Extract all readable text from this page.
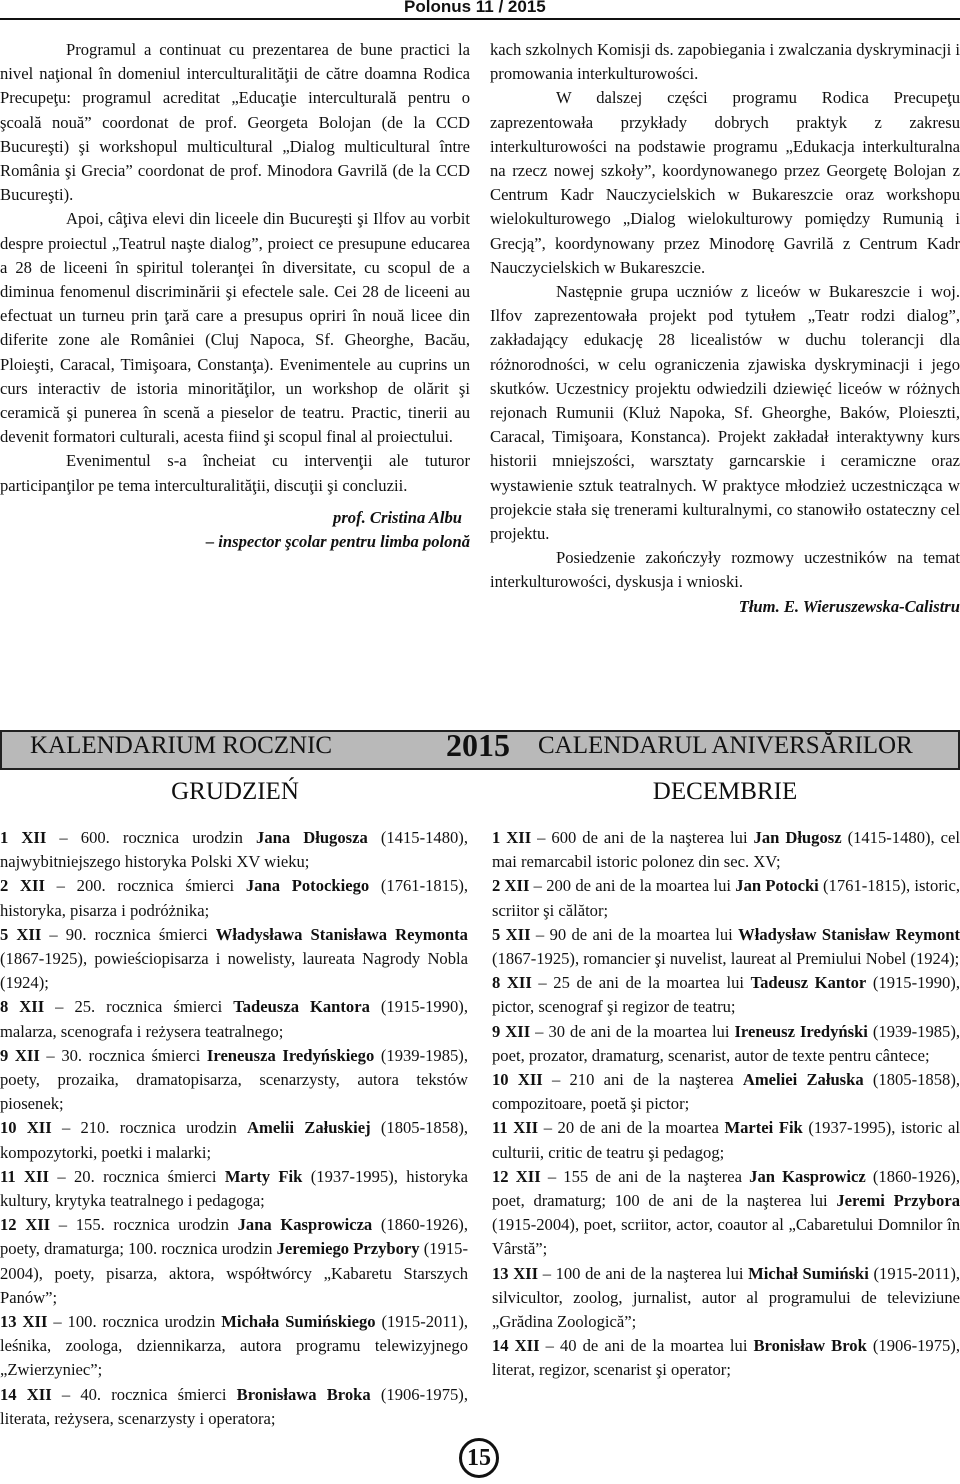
Polonus 11 / 2015

Programul a continuat cu prezentarea de bune practici la nivel naţional în domeniul interculturalităţii de către doamna Rodica Precupeţu: programul acreditat „Educaţie interculturală pentru o şcoală nouă” coordonat de prof. Georgeta Bolojan (de la CCD Bucureşti) şi workshopul multicultural „Dialog multicultural între România şi Grecia” coordonat de prof. Minodora Gavrilă (de la CCD Bucureşti).

Apoi, câţiva elevi din liceele din Bucureşti şi Ilfov au vorbit despre proiectul „Teatrul naşte dialog”, proiect ce presupune educarea a 28 de liceeni în spiritul toleranţei în diversitate, cu scopul de a diminua fenomenul discriminării şi efectele sale. Cei 28 de liceeni au efectuat un turneu prin ţară care a presupus opriri în nouă licee din diferite zone ale României (Cluj Napoca, Sf. Gheorghe, Bacău, Ploieşti, Caracal, Timişoara, Constanţa). Evenimentele au cuprins un curs interactiv de istoria minorităţilor, un workshop de olărit şi ceramică şi punerea în scenă a pieselor de teatru. Practic, tinerii au devenit formatori culturali, acesta fiind şi scopul final al proiectului.

Evenimentul s-a încheiat cu intervenţii ale tuturor participanţilor pe tema interculturalităţii, discuţii şi concluzii.

prof. Cristina Albu
– inspector şcolar pentru limba polonă

kach szkolnych Komisji ds. zapobiegania i zwalczania dyskryminacji i promowania interkulturowości.

W dalszej części programu Rodica Precupeţu zaprezentowała przykłady dobrych praktyk z zakresu interkulturowości na podstawie programu „Edukacja interkulturalna na rzecz nowej szkoły”, koordynowanego przez Georgetę Bolojan z Centrum Kadr Nauczycielskich w Bukareszcie oraz workshopu wielokulturowego „Dialog wielokulturowy pomiędzy Rumunią i Grecją”, koordynowany przez Minodorę Gavrilă z Centrum Kadr Nauczycielskich w Bukareszcie.

Następnie grupa uczniów z liceów w Bukareszcie i woj. Ilfov zaprezentowała projekt pod tytułem „Teatr rodzi dialog”, zakładający edukację 28 licealistów w duchu tolerancji dla różnorodności, w celu ograniczenia zjawiska dyskryminacji i jego skutków. Uczestnicy projektu odwiedzili dziewięć liceów w różnych rejonach Rumunii (Kluż Napoka, Sf. Gheorghe, Baków, Ploieszti, Caracal, Timişoara, Konstanca). Projekt zakładał interaktywny kurs historii mniejszości, warsztaty garncarskie i ceramiczne oraz wystawienie sztuk teatralnych. W praktyce młodzież uczestnicząca w projekcie stała się trenerami kulturalnymi, co stanowiło ostateczny cel projektu.

Posiedzenie zakończyły rozmowy uczestników na temat interkulturowości, dyskusja i wnioski.

Tłum. E. Wieruszewska-Calistru
KALENDARIUM ROCZNIC	2015 CALENDARUL ANIVERSĂRILOR
GRUDZIEŃ	DECEMBRIE

1 XII – 600. rocznica urodzin Jana Długosza (1415-1480), najwybitniejszego historyka Polski XV wieku;

2 XII – 200. rocznica śmierci Jana Potockiego (1761-1815), historyka, pisarza i podróżnika;

5 XII – 90. rocznica śmierci Władysława Stanisława Reymonta (1867-1925), powieściopisarza i nowelisty, laureata Nagrody Nobla (1924);

8 XII – 25. rocznica śmierci Tadeusza Kantora (1915-1990), malarza, scenografa i reżysera teatralnego;

9 XII – 30. rocznica śmierci Ireneusza Iredyńskiego (1939-1985), poety, prozaika, dramatopisarza, scenarzysty, autora tekstów piosenek;

10 XII – 210. rocznica urodzin Amelii Załuskiej (1805-1858), kompozytorki, poetki i malarki;

11 XII – 20. rocznica śmierci Marty Fik (1937-1995), historyka kultury, krytyka teatralnego i pedagoga;

12 XII – 155. rocznica urodzin Jana Kasprowicza (1860-1926), poety, dramaturga; 100. rocznica urodzin Jeremiego Przybory (1915-2004), poety, pisarza, aktora, współtwórcy „Kabaretu Starszych Panów”;

13 XII – 100. rocznica urodzin Michała Sumińskiego (1915-2011), leśnika, zoologa, dziennikarza, autora programu telewizyjnego „Zwierzyniec”;

14 XII – 40. rocznica śmierci Bronisława Broka (1906-1975), literata, reżysera, scenarzysty i operatora;

1 XII – 600 de ani de la naşterea lui Jan Długosz (1415-1480), cel mai remarcabil istoric polonez din sec. XV;

2 XII – 200 de ani de la moartea lui Jan Potocki (1761-1815), istoric, scriitor şi călător;

5 XII – 90 de ani de la moartea lui Władysław Stanisław Reymont (1867-1925), romancier şi nuvelist, laureat al Premiului Nobel (1924);

8 XII – 25 de ani de la moartea lui Tadeusz Kantor (1915-1990), pictor, scenograf şi regizor de teatru;

9 XII – 30 de ani de la moartea lui Ireneusz Iredyński (1939-1985), poet, prozator, dramaturg, scenarist, autor de texte pentru cântece;

10 XII – 210 ani de la naşterea Ameliei Załuska (1805-1858), compozitoare, poetă şi pictor;

11 XII – 20 de ani de la moartea Martei Fik (1937-1995), istoric al culturii, critic de teatru şi pedagog;

12 XII – 155 de ani de la naşterea Jan Kasprowicz (1860-1926), poet, dramaturg; 100 de ani de la naşterea lui Jeremi Przybora (1915-2004), poet, scriitor, actor, coautor al „Cabaretului Domnilor în Vârstă”;

13 XII – 100 de ani de la naşterea lui Michał Sumiński (1915-2011), silvicultor, zoolog, jurnalist, autor al programului de televiziune „Grădina Zoologică”;

14 XII – 40 de ani de la moartea lui Bronisław Brok (1906-1975), literat, regizor, scenarist şi operator;

15
